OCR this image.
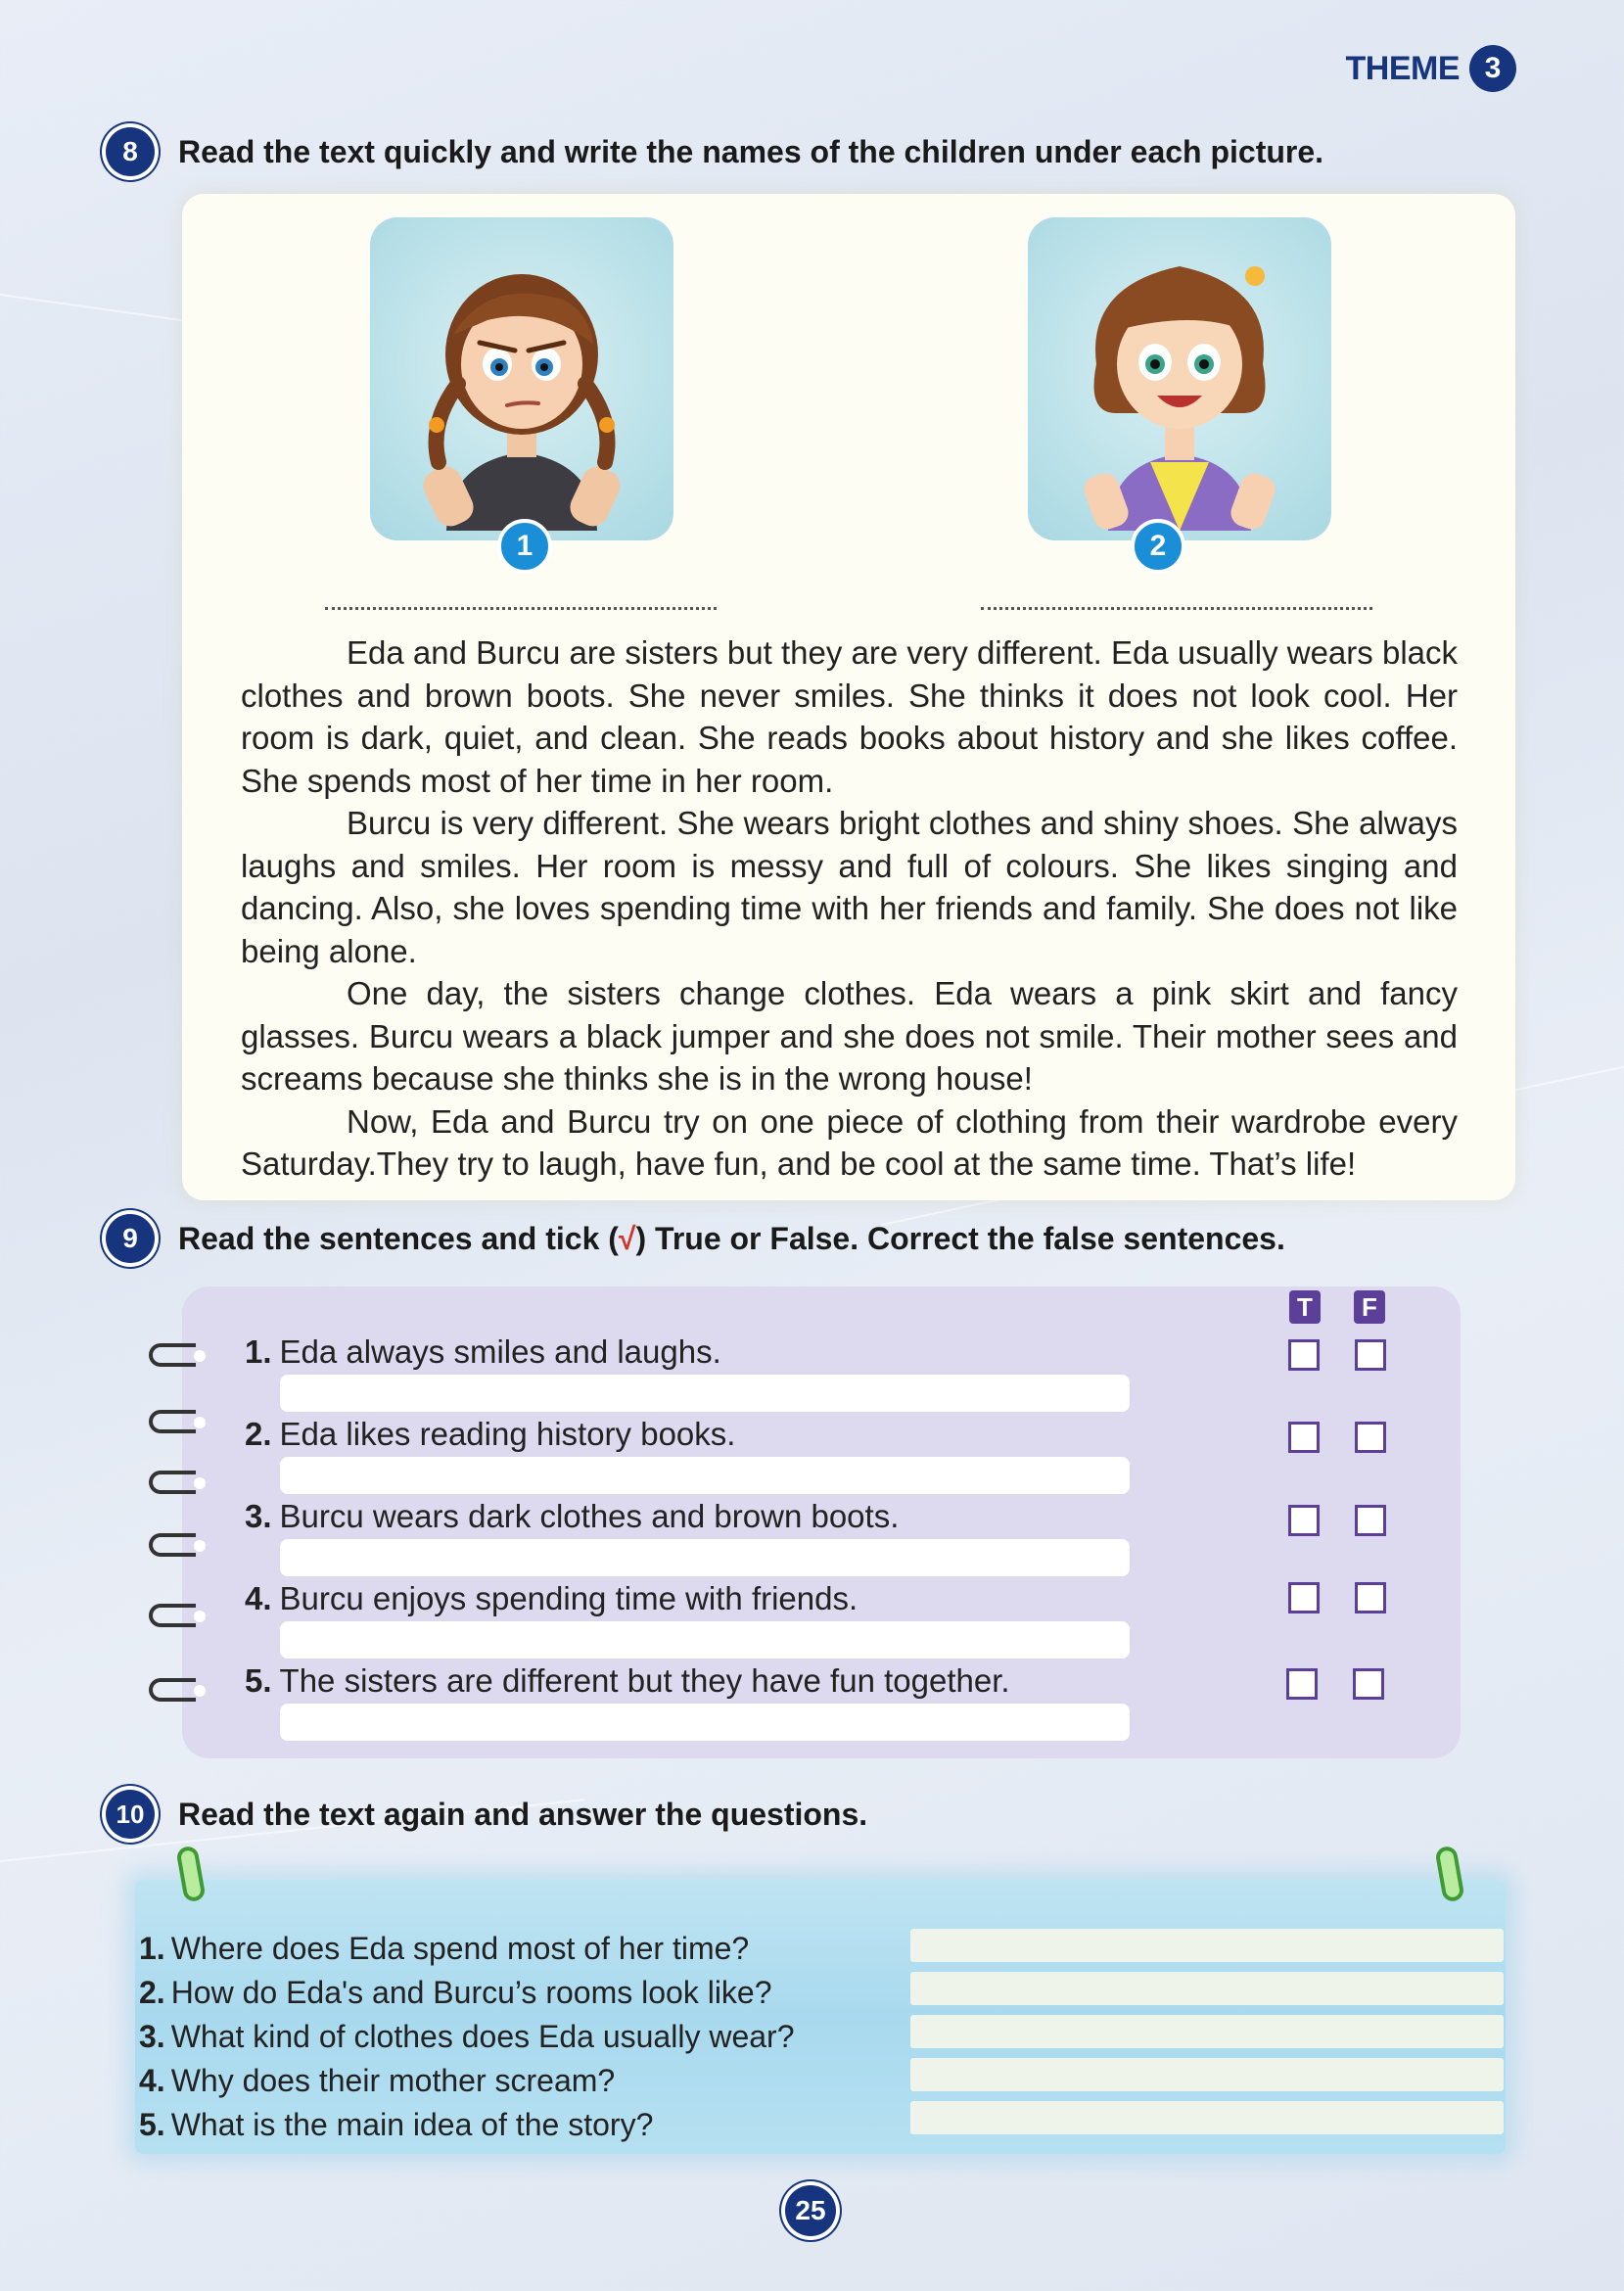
THEME 3
8	Read the text quickly and write the names of the children under each picture.
1	2

Eda and Burcu are sisters but they are very different. Eda usually wears black clothes and brown boots. She never smiles. She thinks it does not look cool. Her room is dark, quiet, and clean. She reads books about history and she likes coffee. She spends most of her time in her room.

Burcu is very different. She wears bright clothes and shiny shoes. She always laughs and smiles. Her room is messy and full of colours. She likes singing and dancing. Also, she loves spending time with her friends and family. She does not like being alone.

One day, the sisters change clothes. Eda wears a pink skirt and fancy glasses. Burcu wears a black jumper and she does not smile. Their mother sees and screams because she thinks she is in the wrong house!

Now, Eda and Burcu try on one piece of clothing from their wardrobe every Saturday.They try to laugh, have fun, and be cool at the same time. That’s life!

9	Read the sentences and tick (√) True or False. Correct the false sentences.
T	F
1. Eda always smiles and laughs.
2. Eda likes reading history books.
3. Burcu wears dark clothes and brown boots.
4. Burcu enjoys spending time with friends.
5. The sisters are different but they have fun together.
10	Read the text again and answer the questions.
1. Where does Eda spend most of her time?
2. How do Eda's and Burcu’s rooms look like?
3. What kind of clothes does Eda usually wear?
4. Why does their mother scream?
5. What is the main idea of the story?
25
